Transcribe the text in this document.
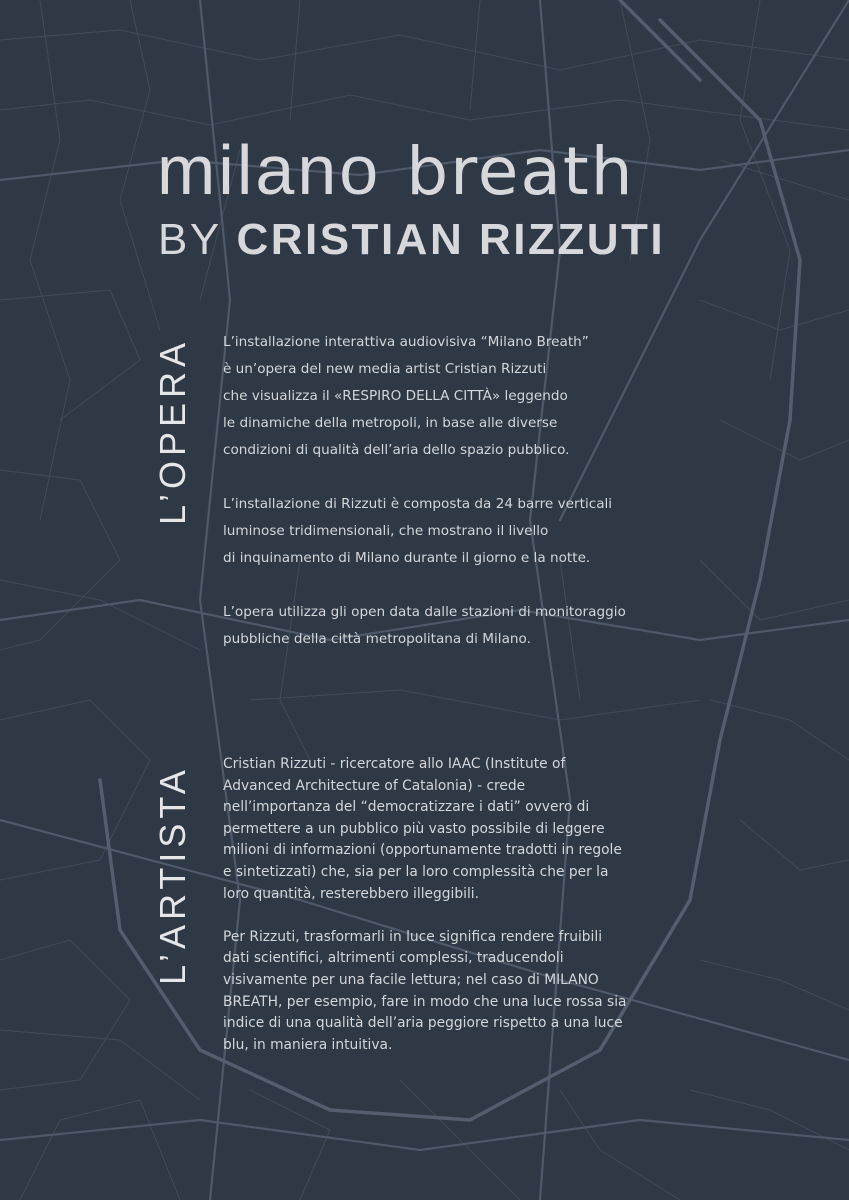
milano breath
BY CRISTIAN RIZZUTI
L’OPERA L’installazione interattiva audiovisiva “Milano Breath”
è un’opera del new media artist Cristian Rizzuti
che visualizza il «RESPIRO DELLA CITTÀ» leggendo
le dinamiche della metropoli, in base alle diverse
condizioni di qualità dell’aria dello spazio pubblico.

L’installazione di Rizzuti è composta da 24 barre verticali
luminose tridimensionali, che mostrano il livello
di inquinamento di Milano durante il giorno e la notte.

L’opera utilizza gli open data dalle stazioni di monitoraggio
pubbliche della città metropolitana di Milano.

L’ARTISTA

Cristian Rizzuti - ricercatore allo IAAC (Institute of
Advanced Architecture of Catalonia) - crede
nell’importanza del “democratizzare i dati” ovvero di
permettere a un pubblico più vasto possibile di leggere
milioni di informazioni (opportunamente tradotti in regole
e sintetizzati) che, sia per la loro complessità che per la
loro quantità, resterebbero illeggibili.

Per Rizzuti, trasformarli in luce significa rendere fruibili
dati scientifici, altrimenti complessi, traducendoli
visivamente per una facile lettura; nel caso di MILANO
BREATH, per esempio, fare in modo che una luce rossa sia
indice di una qualità dell’aria peggiore rispetto a una luce
blu, in maniera intuitiva.
